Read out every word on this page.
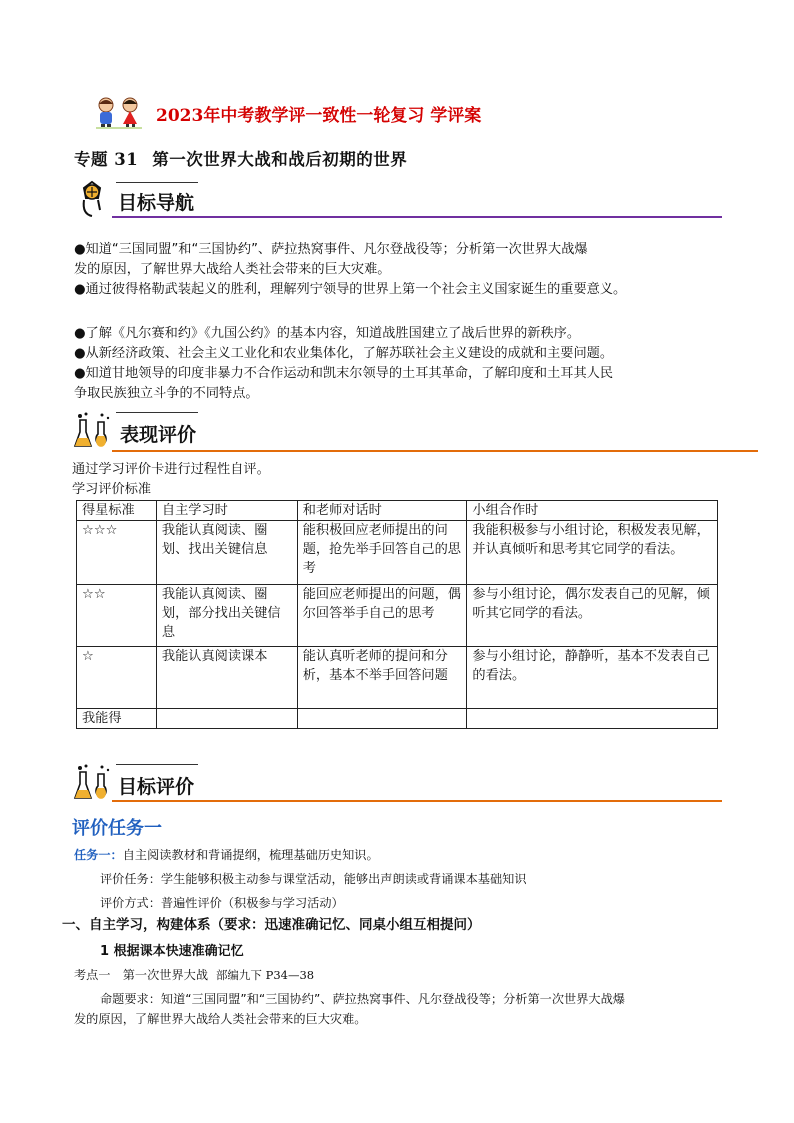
2023年中考教学评一致性一轮复习 学评案
专题 31 第一次世界大战和战后初期的世界
目标导航
●知道“三国同盟”和“三国协约”、萨拉热窝事件、凡尔登战役等；分析第一次世界大战爆
发的原因，了解世界大战给人类社会带来的巨大灾难。
●通过彼得格勒武装起义的胜利，理解列宁领导的世界上第一个社会主义国家诞生的重要意义。
●了解《凡尔赛和约》《九国公约》的基本内容，知道战胜国建立了战后世界的新秩序。
●从新经济政策、社会主义工业化和农业集体化，了解苏联社会主义建设的成就和主要问题。
●知道甘地领导的印度非暴力不合作运动和凯末尔领导的土耳其革命，了解印度和土耳其人民
争取民族独立斗争的不同特点。
表现评价
通过学习评价卡进行过程性自评。
学习评价标准
得星标准	自主学习时	和老师对话时	小组合作时
☆☆☆	我能认真阅读、圈划、找出关键信息	能积极回应老师提出的问题，抢先举手回答自己的思考	我能积极参与小组讨论，积极发表见解，并认真倾听和思考其它同学的看法。
☆☆	我能认真阅读、圈划，部分找出关键信息	能回应老师提出的问题，偶尔回答举手自己的思考	参与小组讨论，偶尔发表自己的见解，倾听其它同学的看法。
☆	我能认真阅读课本	能认真听老师的提问和分析，基本不举手回答问题	参与小组讨论，静静听，基本不发表自己的看法。
我能得			
目标评价
评价任务一
任务一：自主阅读教材和背诵提纲，梳理基础历史知识。
评价任务：学生能够积极主动参与课堂活动，能够出声朗读或背诵课本基础知识
评价方式：普遍性评价（积极参与学习活动）
一、自主学习，构建体系（要求：迅速准确记忆、同桌小组互相提问）
1 根据课本快速准确记忆
考点一　第一次世界大战 部编九下 P34—38
命题要求：知道“三国同盟”和“三国协约”、萨拉热窝事件、凡尔登战役等；分析第一次世界大战爆
发的原因，了解世界大战给人类社会带来的巨大灾难。
